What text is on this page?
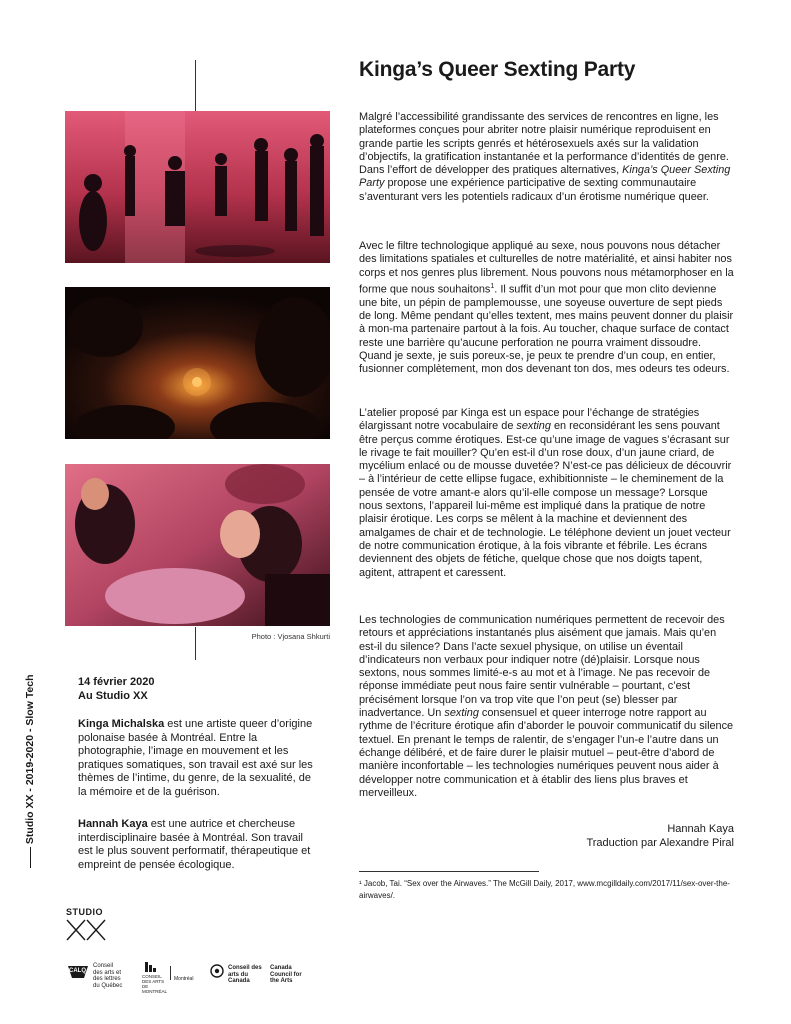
Photo : Vjosana Shkurti
Kinga’s Queer Sexting Party

Malgré l’accessibilité grandissante des services de rencontres en ligne, les plateformes conçues pour abriter notre plaisir numérique reproduisent en grande partie les scripts genrés et hétérosexuels axés sur la validation d’objectifs, la gratification instantanée et la performance d’identités de genre. Dans l’effort de développer des pratiques alternatives, Kinga’s Queer Sexting Party propose une expérience participative de sexting communautaire s’aventurant vers les potentiels radicaux d’un érotisme numérique queer.

Avec le filtre technologique appliqué au sexe, nous pouvons nous détacher des limitations spatiales et culturelles de notre matérialité, et ainsi habiter nos corps et nos genres plus librement. Nous pouvons nous métamorphoser en la forme que nous souhaitons$^1$. Il suffit d’un mot pour que mon clito devienne une bite, un pépin de pamplemousse, une soyeuse ouverture de sept pieds de long. Même pendant qu’elles textent, mes mains peuvent donner du plaisir à mon-ma partenaire partout à la fois. Au toucher, chaque surface de contact reste une barrière qu’aucune perforation ne pourra vraiment dissoudre. Quand je sexte, je suis poreux-se, je peux te prendre d’un coup, en entier, fusionner complètement, mon dos devenant ton dos, mes odeurs tes odeurs.

L’atelier proposé par Kinga est un espace pour l’échange de stratégies élargissant notre vocabulaire de sexting en reconsidérant les sens pouvant être perçus comme érotiques. Est-ce qu’une image de vagues s’écrasant sur le rivage te fait mouiller? Qu’en est-il d’un rose doux, d’un jaune criard, de mycélium enlacé ou de mousse duvetée? N’est-ce pas délicieux de découvrir – à l’intérieur de cette ellipse fugace, exhibitionniste – le cheminement de la pensée de votre amant-e alors qu’il-elle compose un message? Lorsque nous sextons, l’appareil lui-même est impliqué dans la pratique de notre plaisir érotique. Les corps se mêlent à la machine et deviennent des amalgames de chair et de technologie. Le téléphone devient un jouet vecteur de notre communication érotique, à la fois vibrante et fébrile. Les écrans deviennent des objets de fétiche, quelque chose que nos doigts tapent, agitent, attrapent et caressent.

Les technologies de communication numériques permettent de recevoir des retours et appréciations instantanés plus aisément que jamais. Mais qu’en est-il du silence? Dans l’acte sexuel physique, on utilise un éventail d’indicateurs non verbaux pour indiquer notre (dé)plaisir. Lorsque nous sextons, nous sommes limité-e-s au mot et à l’image. Ne pas recevoir de réponse immédiate peut nous faire sentir vulnérable – pourtant, c’est précisément lorsque l’on va trop vite que l’on peut (se) blesser par inadvertance. Un sexting consensuel et queer interroge notre rapport au rythme de l’écriture érotique afin d’aborder le pouvoir communicatif du silence textuel. En prenant le temps de ralentir, de s’engager l’un-e l’autre dans un échange délibéré, et de faire durer le plaisir mutuel – peut-être d’abord de manière inconfortable – les technologies numériques peuvent nous aider à développer notre communication et à établir des liens plus braves et merveilleux.

Hannah Kaya
Traduction par Alexandre Piral
¹ Jacob, Tai. “Sex over the Airwaves.” The McGill Daily, 2017, www.mcgilldaily.com/2017/11/sex-over-the-airwaves/.
—— Studio XX - 2019-2020 - Slow Tech	14 février 2020
Au Studio XX

Kinga Michalska est une artiste queer d’origine polonaise basée à Montréal. Entre la photographie, l’image en mouvement et les pratiques somatiques, son travail est axé sur les thèmes de l’intime, du genre, de la sexualité, de la mémoire et de la guérison.

Hannah Kaya est une autrice et chercheuse interdisciplinaire basée à Montréal. Son travail est le plus souvent performatif, thérapeutique et empreint de pensée écologique.

STUDIO
CALQ
Conseil des arts et des lettres du Québec
CONSEIL DES ARTS DE MONTRÉAL
Montréal
Conseil des arts du Canada
Canada Council for the Arts
